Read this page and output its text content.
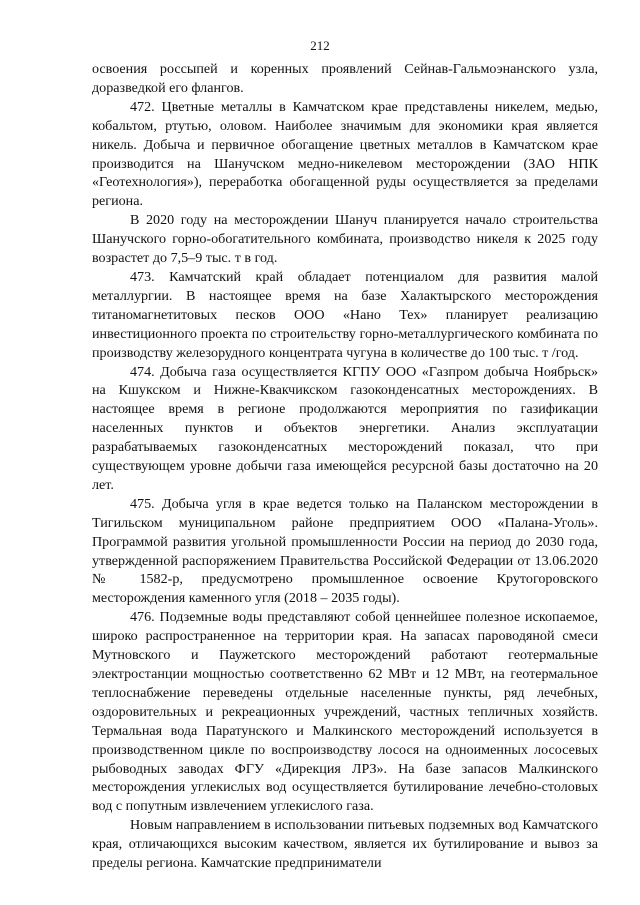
212

освоения россыпей и коренных проявлений Сейнав-Гальмоэнанского узла, доразведкой его флангов.

472. Цветные металлы в Камчатском крае представлены никелем, медью, кобальтом, ртутью, оловом. Наиболее значимым для экономики края является никель. Добыча и первичное обогащение цветных металлов в Камчатском крае производится на Шанучском медно-никелевом месторождении (ЗАО НПК «Геотехнология»), переработка обогащенной руды осуществляется за пределами региона.

В 2020 году на месторождении Шануч планируется начало строительства Шанучского горно-обогатительного комбината, производство никеля к 2025 году возрастет до 7,5–9 тыс. т в год.

473. Камчатский край обладает потенциалом для развития малой металлургии. В настоящее время на базе Халактырского месторождения титаномагнетитовых песков ООО «Нано Тех» планирует реализацию инвестиционного проекта по строительству горно-металлургического комбината по производству железорудного концентрата чугуна в количестве до 100 тыс. т /год.

474. Добыча газа осуществляется КГПУ ООО «Газпром добыча Ноябрьск» на Кшукском и Нижне-Квакчикском газоконденсатных месторождениях. В настоящее время в регионе продолжаются мероприятия по газификации населенных пунктов и объектов энергетики. Анализ эксплуатации разрабатываемых газоконденсатных месторождений показал, что при существующем уровне добычи газа имеющейся ресурсной базы достаточно на 20 лет.

475. Добыча угля в крае ведется только на Паланском месторождении в Тигильском муниципальном районе предприятием ООО «Палана-Уголь». Программой развития угольной промышленности России на период до 2030 года, утвержденной распоряжением Правительства Российской Федерации от 13.06.2020 № 1582-р, предусмотрено промышленное освоение Крутогоровского месторождения каменного угля (2018 – 2035 годы).

476. Подземные воды представляют собой ценнейшее полезное ископаемое, широко распространенное на территории края. На запасах пароводяной смеси Мутновского и Паужетского месторождений работают геотермальные электростанции мощностью соответственно 62 МВт и 12 МВт, на геотермальное теплоснабжение переведены отдельные населенные пункты, ряд лечебных, оздоровительных и рекреационных учреждений, частных тепличных хозяйств. Термальная вода Паратунского и Малкинского месторождений используется в производственном цикле по воспроизводству лосося на одноименных лососевых рыбоводных заводах ФГУ «Дирекция ЛРЗ». На базе запасов Малкинского месторождения углекислых вод осуществляется бутилирование лечебно-столовых вод с попутным извлечением углекислого газа.

Новым направлением в использовании питьевых подземных вод Камчатского края, отличающихся высоким качеством, является их бутилирование и вывоз за пределы региона. Камчатские предприниматели
